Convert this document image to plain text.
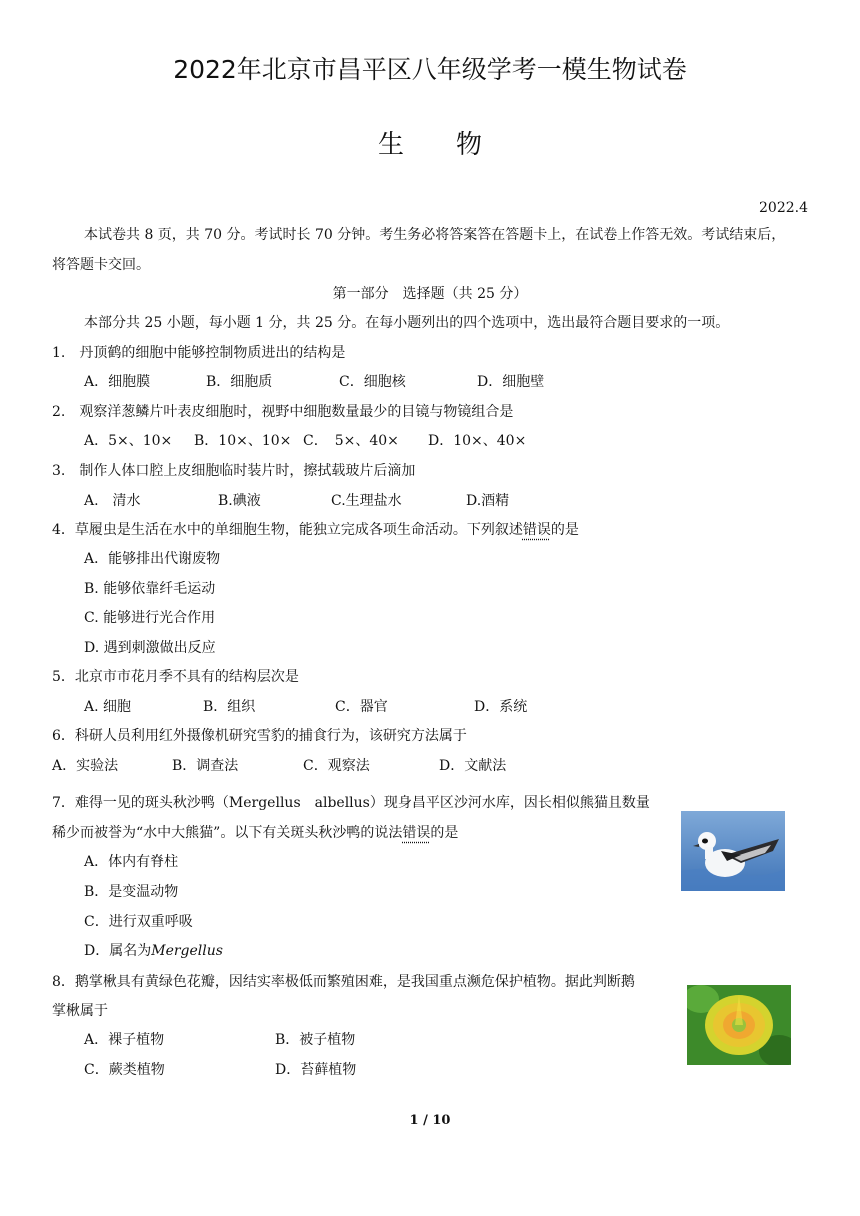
2022年北京市昌平区八年级学考一模生物试卷
生物
2022.4
本试卷共 8 页，共 70 分。考试时长 70 分钟。考生务必将答案答在答题卡上，在试卷上作答无效。考试结束后，
将答题卡交回。
第一部分　选择题（共 25 分）
本部分共 25 小题，每小题 1 分，共 25 分。在每小题列出的四个选项中，选出最符合题目要求的一项。
1.　丹顶鹤的细胞中能够控制物质进出的结构是
A．细胞膜	B．细胞质	C．细胞核	D．细胞壁
2.　观察洋葱鳞片叶表皮细胞时，视野中细胞数量最少的目镜与物镜组合是
A．5×、10× B．10×、10× C．　5×、40× D．10×、40×
3.　制作人体口腔上皮细胞临时装片时，擦拭载玻片后滴加
A.　清水	B.碘液	C.生理盐水	D.酒精
4．草履虫是生活在水中的单细胞生物，能独立完成各项生命活动。下列叙述错误的是
A．能够排出代谢废物
B. 能够依靠纤毛运动
C. 能够进行光合作用
D. 遇到刺激做出反应
5．北京市市花月季不具有的结构层次是
A. 细胞	B．组织	C．器官	D．系统
6．科研人员利用红外摄像机研究雪豹的捕食行为，该研究方法属于
A．实验法	B．调查法	C．观察法	D．文献法
7．难得一见的斑头秋沙鸭（Mergellus　albellus）现身昌平区沙河水库，因长相似熊猫且数量
稀少而被誉为“水中大熊猫”。以下有关斑头秋沙鸭的说法错误的是
A．体内有脊柱
B．是变温动物
C．进行双重呼吸
D．属名为Mergellus
8．鹅掌楸具有黄绿色花瓣，因结实率极低而繁殖困难，是我国重点濒危保护植物。据此判断鹅
掌楸属于
A．裸子植物	B．被子植物
C．蕨类植物	D．苔藓植物
1 / 10
